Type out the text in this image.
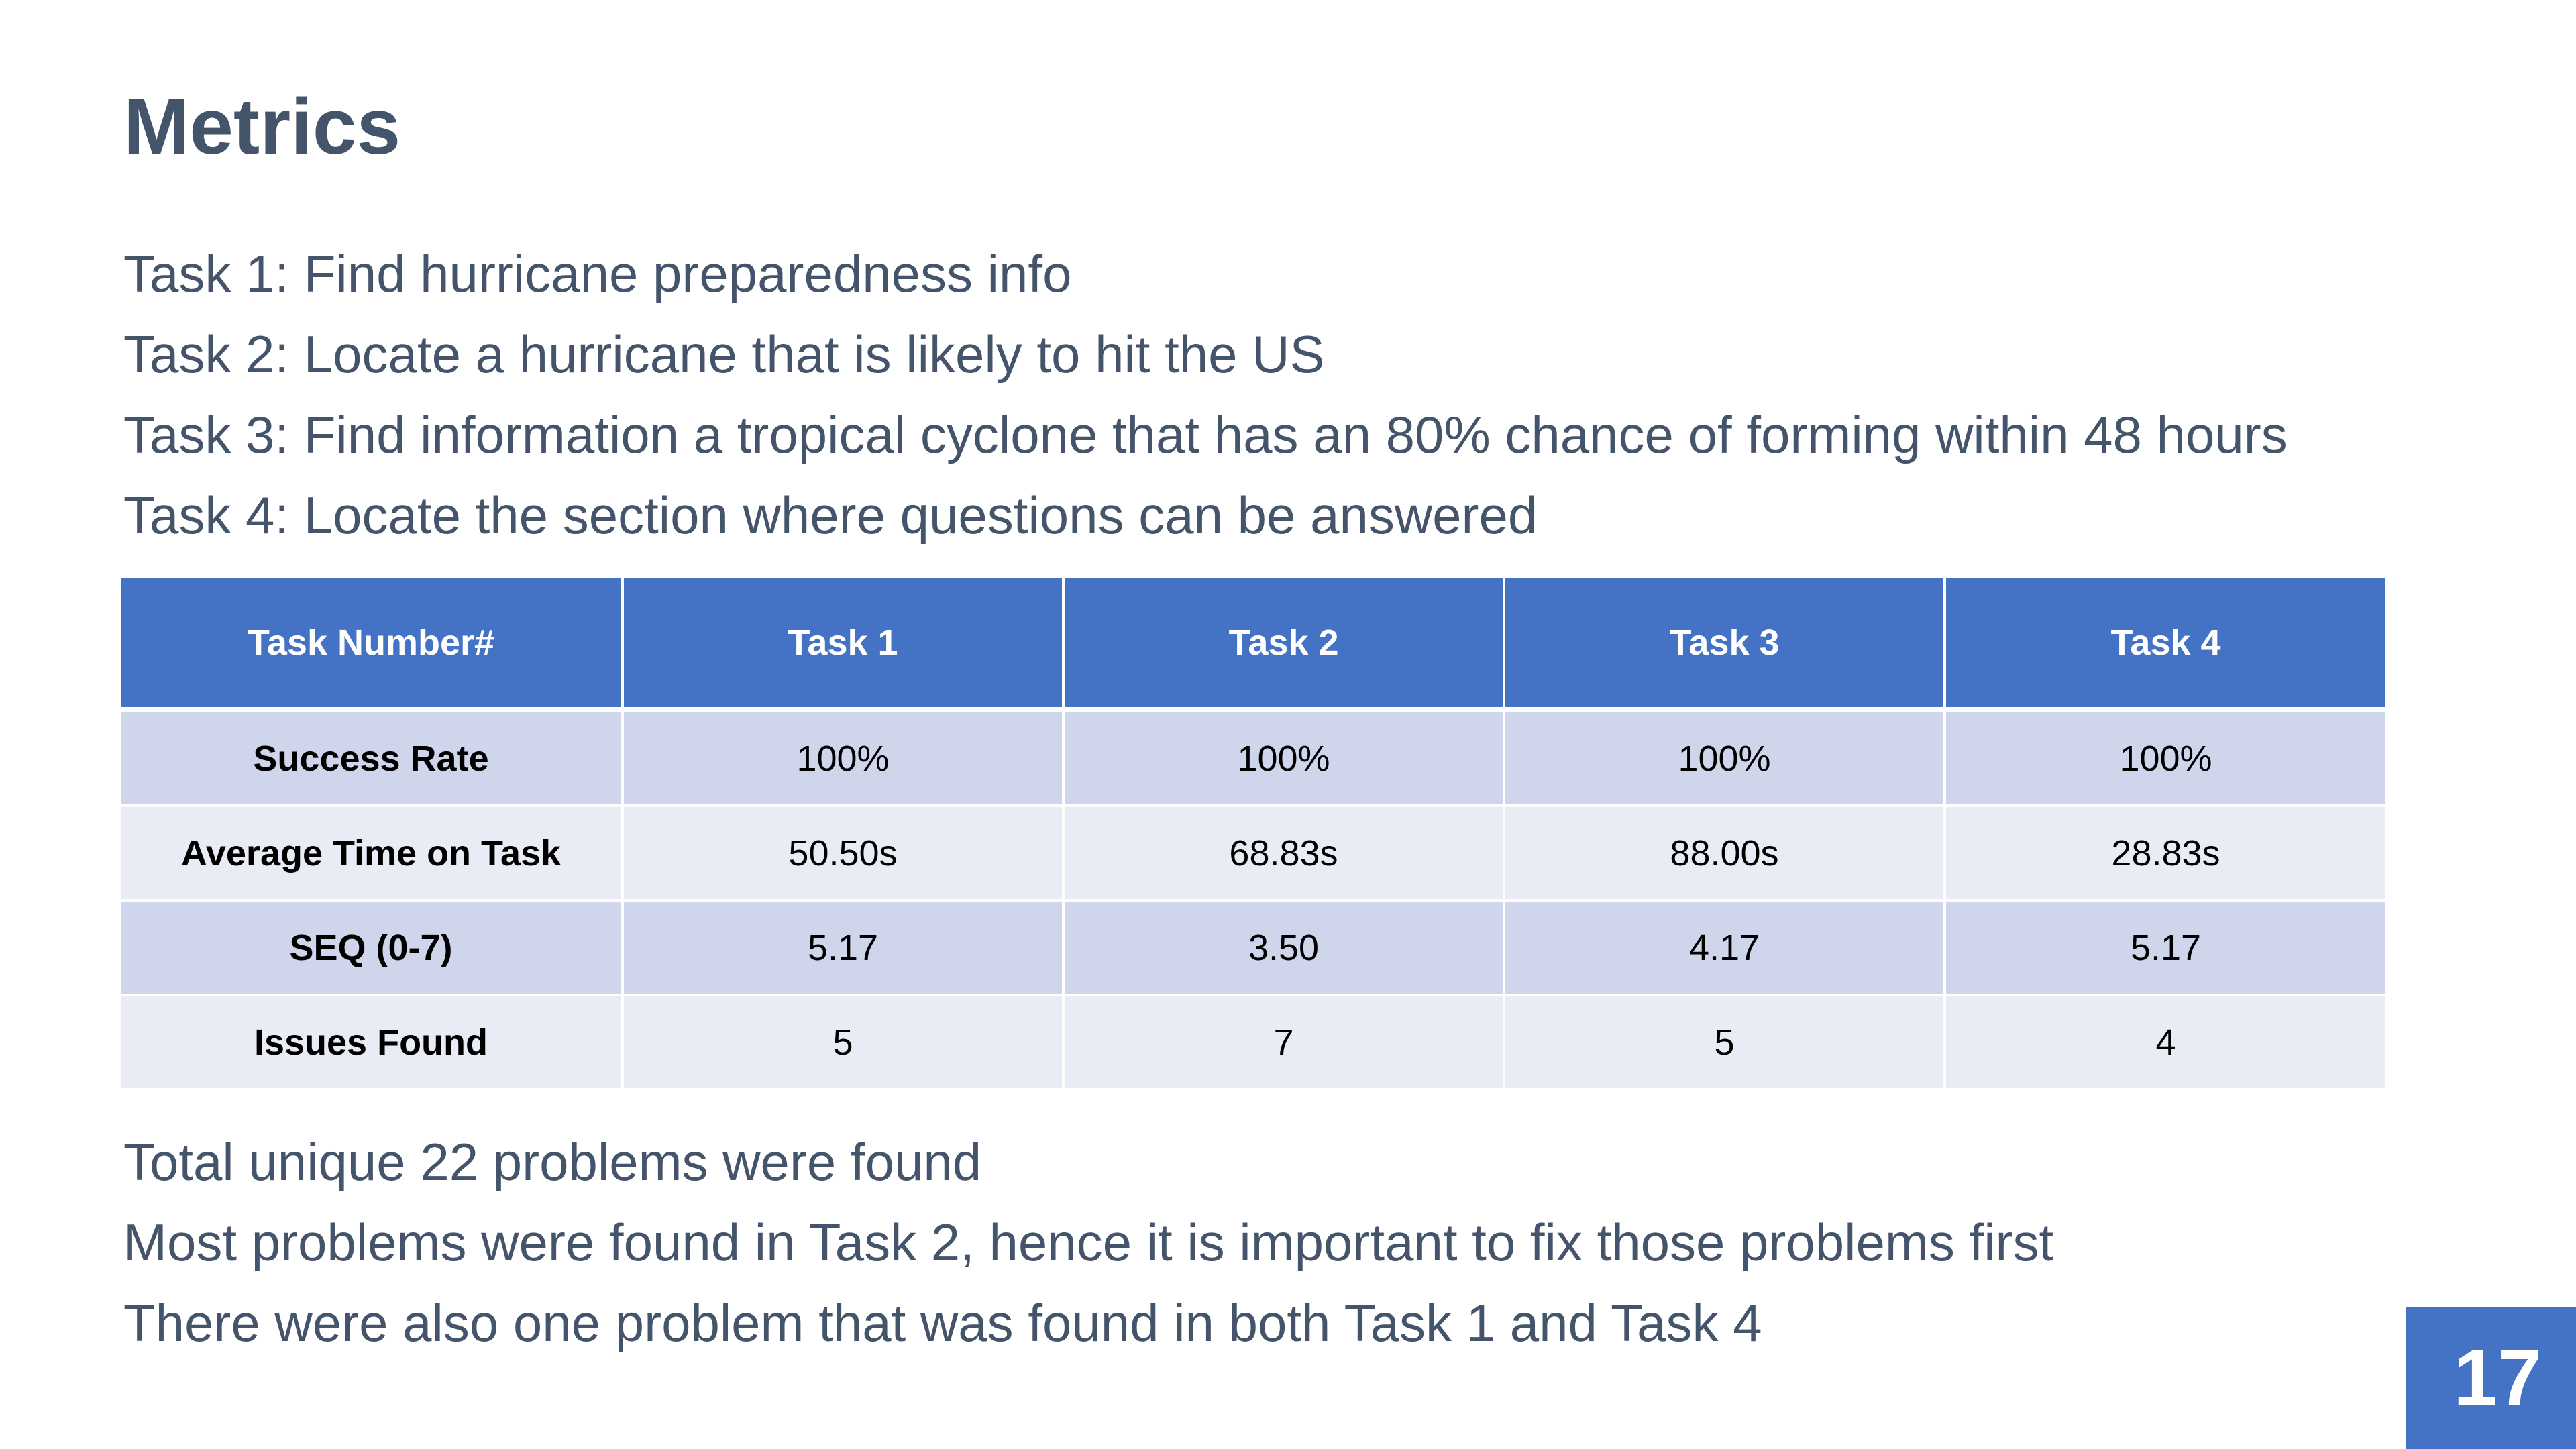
Metrics
Task 1: Find hurricane preparedness info
Task 2: Locate a hurricane that is likely to hit the US
Task 3: Find information a tropical cyclone that has an 80% chance of forming within 48 hours
Task 4: Locate the section where questions can be answered
Task Number#	Task 1	Task 2	Task 3	Task 4
Success Rate	100%	100%	100%	100%
Average Time on Task	50.50s	68.83s	88.00s	28.83s
SEQ (0-7)	5.17	3.50	4.17	5.17
Issues Found	5	7	5	4
Total unique 22 problems were found
Most problems were found in Task 2, hence it is important to fix those problems first
There were also one problem that was found in both Task 1 and Task 4
17
